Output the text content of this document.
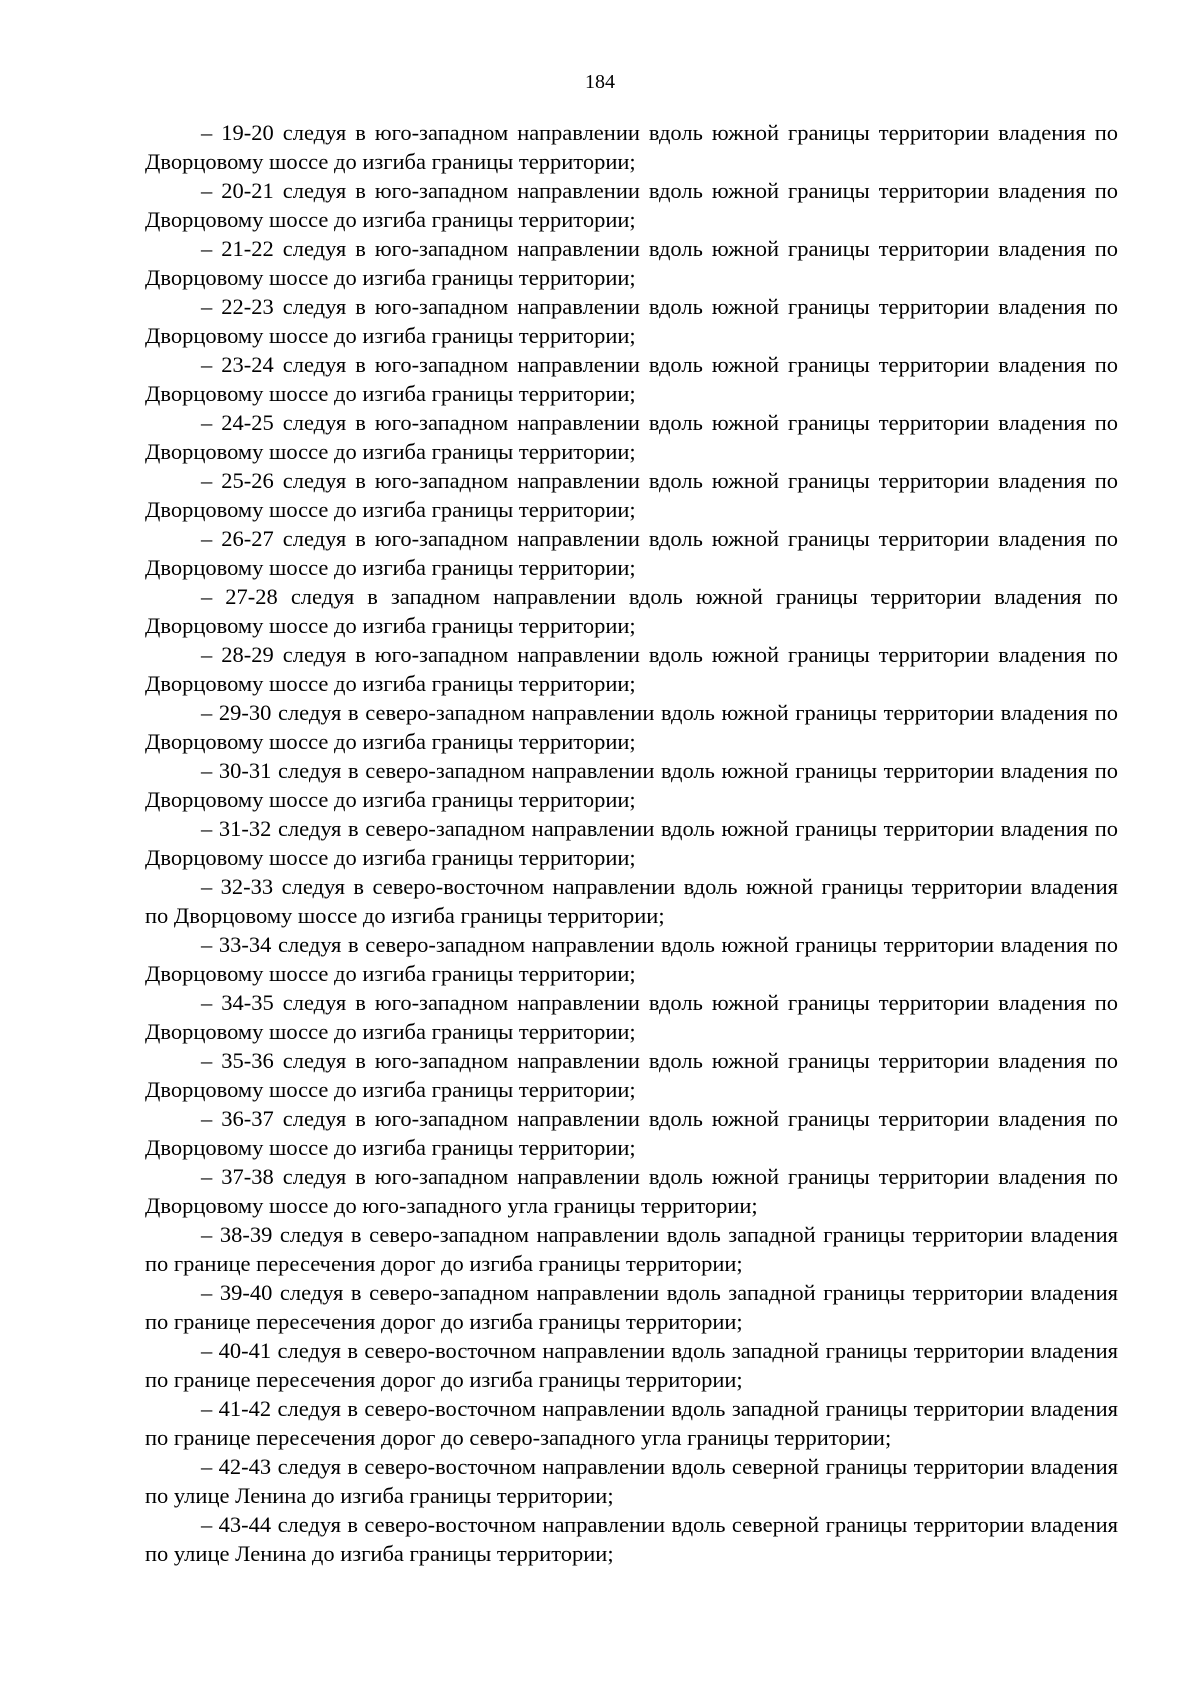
184

– 19-20 следуя в юго-западном направлении вдоль южной границы территории владения по Дворцовому шоссе до изгиба границы территории;

– 20-21 следуя в юго-западном направлении вдоль южной границы территории владения по Дворцовому шоссе до изгиба границы территории;

– 21-22 следуя в юго-западном направлении вдоль южной границы территории владения по Дворцовому шоссе до изгиба границы территории;

– 22-23 следуя в юго-западном направлении вдоль южной границы территории владения по Дворцовому шоссе до изгиба границы территории;

– 23-24 следуя в юго-западном направлении вдоль южной границы территории владения по Дворцовому шоссе до изгиба границы территории;

– 24-25 следуя в юго-западном направлении вдоль южной границы территории владения по Дворцовому шоссе до изгиба границы территории;

– 25-26 следуя в юго-западном направлении вдоль южной границы территории владения по Дворцовому шоссе до изгиба границы территории;

– 26-27 следуя в юго-западном направлении вдоль южной границы территории владения по Дворцовому шоссе до изгиба границы территории;

– 27-28 следуя в западном направлении вдоль южной границы территории владения по Дворцовому шоссе до изгиба границы территории;

– 28-29 следуя в юго-западном направлении вдоль южной границы территории владения по Дворцовому шоссе до изгиба границы территории;

– 29-30 следуя в северо-западном направлении вдоль южной границы территории владения по Дворцовому шоссе до изгиба границы территории;

– 30-31 следуя в северо-западном направлении вдоль южной границы территории владения по Дворцовому шоссе до изгиба границы территории;

– 31-32 следуя в северо-западном направлении вдоль южной границы территории владения по Дворцовому шоссе до изгиба границы территории;

– 32-33 следуя в северо-восточном направлении вдоль южной границы территории владения по Дворцовому шоссе до изгиба границы территории;

– 33-34 следуя в северо-западном направлении вдоль южной границы территории владения по Дворцовому шоссе до изгиба границы территории;

– 34-35 следуя в юго-западном направлении вдоль южной границы территории владения по Дворцовому шоссе до изгиба границы территории;

– 35-36 следуя в юго-западном направлении вдоль южной границы территории владения по Дворцовому шоссе до изгиба границы территории;

– 36-37 следуя в юго-западном направлении вдоль южной границы территории владения по Дворцовому шоссе до изгиба границы территории;

– 37-38 следуя в юго-западном направлении вдоль южной границы территории владения по Дворцовому шоссе до юго-западного угла границы территории;

– 38-39 следуя в северо-западном направлении вдоль западной границы территории владения по границе пересечения дорог до изгиба границы территории;

– 39-40 следуя в северо-западном направлении вдоль западной границы территории владения по границе пересечения дорог до изгиба границы территории;

– 40-41 следуя в северо-восточном направлении вдоль западной границы территории владения по границе пересечения дорог до изгиба границы территории;

– 41-42 следуя в северо-восточном направлении вдоль западной границы территории владения по границе пересечения дорог до северо-западного угла границы территории;

– 42-43 следуя в северо-восточном направлении вдоль северной границы территории владения по улице Ленина до изгиба границы территории;

– 43-44 следуя в северо-восточном направлении вдоль северной границы территории владения по улице Ленина до изгиба границы территории;
